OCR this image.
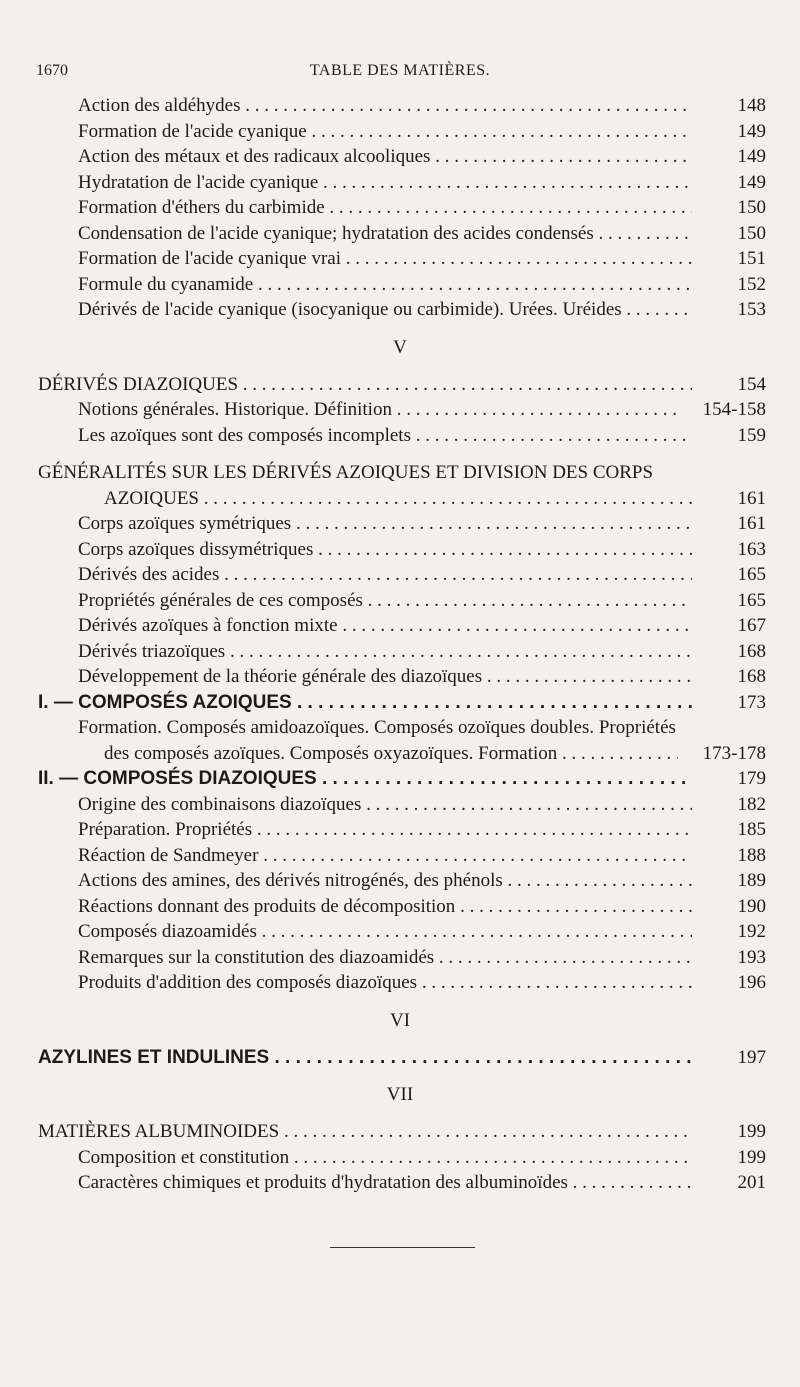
1670	TABLE DES MATIÈRES.
Action des aldéhydes . . .	148
Formation de l'acide cyanique . . .	149
Action des métaux et des radicaux alcooliques . . .	149
Hydratation de l'acide cyanique . . .	149
Formation d'éthers du carbimide . . .	150
Condensation de l'acide cyanique; hydratation des acides condensés . . .	150
Formation de l'acide cyanique vrai . . .	151
Formule du cyanamide . . .	152
Dérivés de l'acide cyanique (isocyanique ou carbimide). Urées. Uréides . . .	153
V
DÉRIVÉS DIAZOIQUES . . .	154
Notions générales. Historique. Définition . . .	154-158
Les azoïques sont des composés incomplets . . .	159
GÉNÉRALITÉS SUR LES DÉRIVÉS AZOIQUES ET DIVISION DES CORPS
AZOIQUES . . .	161
Corps azoïques symétriques . . .	161
Corps azoïques dissymétriques . . .	163
Dérivés des acides . . .	165
Propriétés générales de ces composés . . .	165
Dérivés azoïques à fonction mixte . . .	167
Dérivés triazoïques . . .	168
Développement de la théorie générale des diazoïques . . .	168
I. — COMPOSÉS AZOIQUES . . .	173
Formation. Composés amidoazoïques. Composés ozoïques doubles. Propriétés
des composés azoïques. Composés oxyazoïques. Formation . . .	173-178
II. — COMPOSÉS DIAZOIQUES . . .	179
Origine des combinaisons diazoïques . . .	182
Préparation. Propriétés . . .	185
Réaction de Sandmeyer . . .	188
Actions des amines, des dérivés nitrogénés, des phénols . . .	189
Réactions donnant des produits de décomposition . . .	190
Composés diazoamidés . . .	192
Remarques sur la constitution des diazoamidés . . .	193
Produits d'addition des composés diazoïques . . .	196
VI
AZYLINES ET INDULINES . . .	197
VII
MATIÈRES ALBUMINOIDES . . .	199
Composition et constitution . . .	199
Caractères chimiques et produits d'hydratation des albuminoïdes . . .	201
